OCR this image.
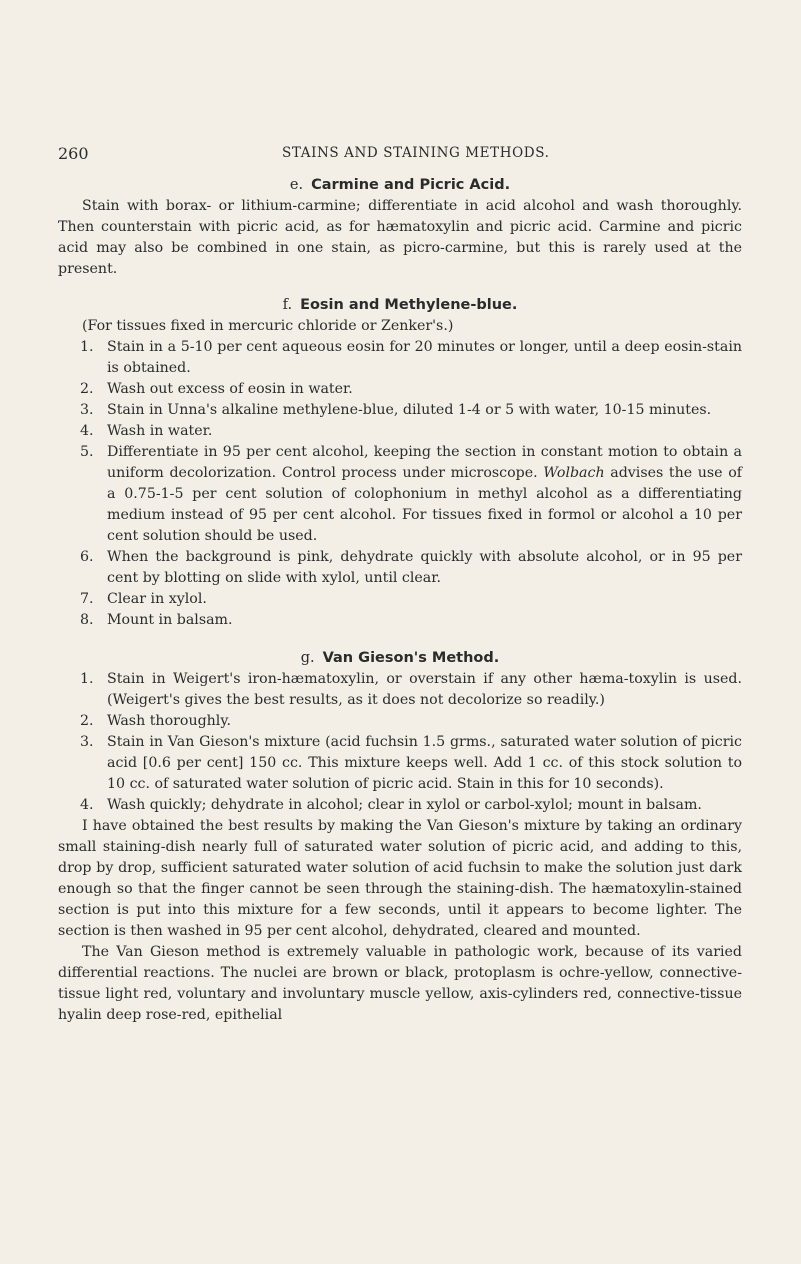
260	STAINS AND STAINING METHODS.
e. Carmine and Picric Acid.

Stain with borax- or lithium-carmine; differentiate in acid alcohol and wash thoroughly. Then counterstain with picric acid, as for hæmatoxylin and picric acid. Carmine and picric acid may also be combined in one stain, as picro-carmine, but this is rarely used at the present.

f. Eosin and Methylene-blue.

(For tissues fixed in mercuric chloride or Zenker's.)

1. Stain in a 5-10 per cent aqueous eosin for 20 minutes or longer, until a deep eosin-stain is obtained.
2. Wash out excess of eosin in water.
3. Stain in Unna's alkaline methylene-blue, diluted 1-4 or 5 with water, 10-15 minutes.
4. Wash in water.
5. Differentiate in 95 per cent alcohol, keeping the section in constant motion to obtain a uniform decolorization. Control process under microscope. Wolbach advises the use of a 0.75-1-5 per cent solution of colophonium in methyl alcohol as a differentiating medium instead of 95 per cent alcohol. For tissues fixed in formol or alcohol a 10 per cent solution should be used.
6. When the background is pink, dehydrate quickly with absolute alcohol, or in 95 per cent by blotting on slide with xylol, until clear.
7. Clear in xylol.
8. Mount in balsam.
g. Van Gieson's Method.
1. Stain in Weigert's iron-hæmatoxylin, or overstain if any other hæma-toxylin is used. (Weigert's gives the best results, as it does not decolorize so readily.)
2. Wash thoroughly.
3. Stain in Van Gieson's mixture (acid fuchsin 1.5 grms., saturated water solution of picric acid [0.6 per cent] 150 cc. This mixture keeps well. Add 1 cc. of this stock solution to 10 cc. of saturated water solution of picric acid. Stain in this for 10 seconds).
4. Wash quickly; dehydrate in alcohol; clear in xylol or carbol-xylol; mount in balsam.

I have obtained the best results by making the Van Gieson's mixture by taking an ordinary small staining-dish nearly full of saturated water solution of picric acid, and adding to this, drop by drop, sufficient saturated water solution of acid fuchsin to make the solution just dark enough so that the finger cannot be seen through the staining-dish. The hæmatoxylin-stained section is put into this mixture for a few seconds, until it appears to become lighter. The section is then washed in 95 per cent alcohol, dehydrated, cleared and mounted.

The Van Gieson method is extremely valuable in pathologic work, because of its varied differential reactions. The nuclei are brown or black, protoplasm is ochre-yellow, connective-tissue light red, voluntary and involuntary muscle yellow, axis-cylinders red, connective-tissue hyalin deep rose-red, epithelial
